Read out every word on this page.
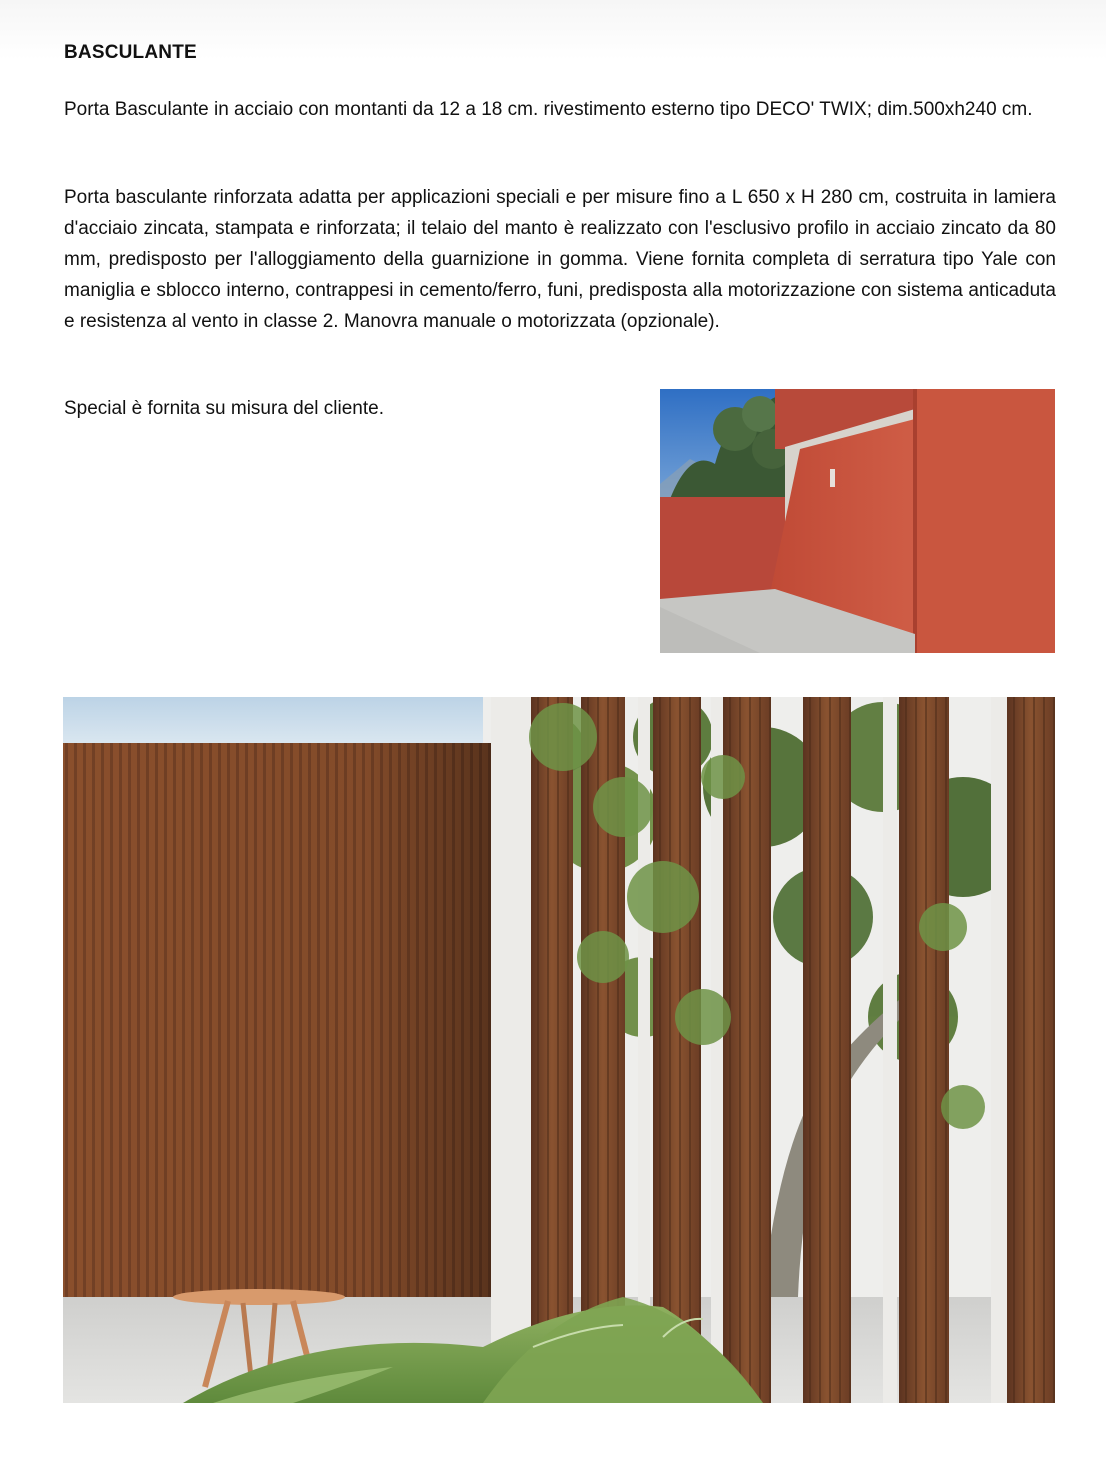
BASCULANTE

Porta Basculante in acciaio con montanti da 12 a 18 cm. rivestimento esterno tipo DECO' TWIX; dim.500xh240 cm.

Porta basculante rinforzata adatta per applicazioni speciali e per misure fino a L 650 x H 280 cm, costruita in lamiera d'acciaio zincata, stampata e rinforzata; il telaio del manto è realizzato con l'esclusivo profilo in acciaio zincato da 80 mm, predisposto per l'alloggiamento della guarnizione in gomma. Viene fornita completa di serratura tipo Yale con maniglia e sblocco interno, contrappesi in cemento/ferro, funi, predisposta alla motorizzazione con sistema anticaduta e resistenza al vento in classe 2. Manovra manuale o motorizzata (opzionale).

Special è fornita su misura del cliente.
